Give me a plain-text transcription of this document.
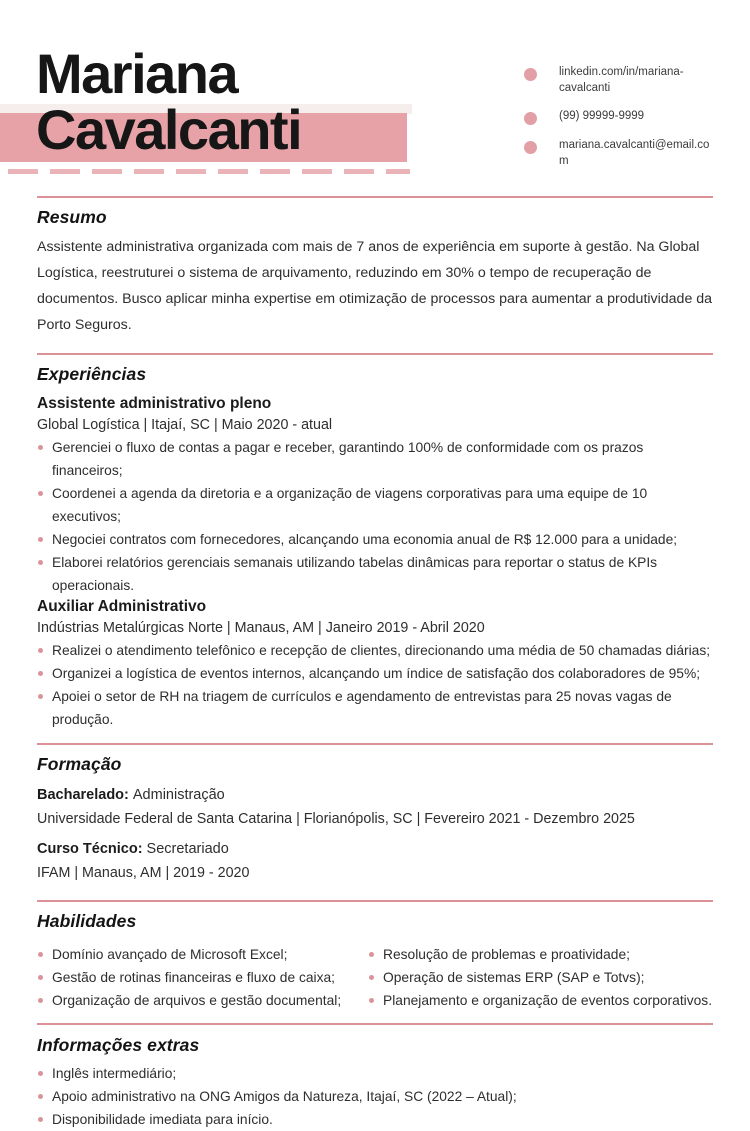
Mariana
Cavalcanti
linkedin.com/in/mariana-cavalcanti
(99) 99999-9999
mariana.cavalcanti@email.com
Resumo

Assistente administrativa organizada com mais de 7 anos de experiência em suporte à gestão. Na Global Logística, reestruturei o sistema de arquivamento, reduzindo em 30% o tempo de recuperação de documentos. Busco aplicar minha expertise em otimização de processos para aumentar a produtividade da Porto Seguros.

Experiências
Assistente administrativo pleno
Global Logística | Itajaí, SC | Maio 2020 - atual
Gerenciei o fluxo de contas a pagar e receber, garantindo 100% de conformidade com os prazos financeiros;
Coordenei a agenda da diretoria e a organização de viagens corporativas para uma equipe de 10 executivos;
Negociei contratos com fornecedores, alcançando uma economia anual de R$ 12.000 para a unidade;
Elaborei relatórios gerenciais semanais utilizando tabelas dinâmicas para reportar o status de KPIs operacionais.
Auxiliar Administrativo
Indústrias Metalúrgicas Norte | Manaus, AM | Janeiro 2019 - Abril 2020
Realizei o atendimento telefônico e recepção de clientes, direcionando uma média de 50 chamadas diárias;
Organizei a logística de eventos internos, alcançando um índice de satisfação dos colaboradores de 95%;
Apoiei o setor de RH na triagem de currículos e agendamento de entrevistas para 25 novas vagas de produção.
Formação
Bacharelado: Administração
Universidade Federal de Santa Catarina | Florianópolis, SC | Fevereiro 2021 - Dezembro 2025
Curso Técnico: Secretariado
IFAM | Manaus, AM | 2019 - 2020
Habilidades
Domínio avançado de Microsoft Excel;
Gestão de rotinas financeiras e fluxo de caixa;
Organização de arquivos e gestão documental;
Resolução de problemas e proatividade;
Operação de sistemas ERP (SAP e Totvs);
Planejamento e organização de eventos corporativos.
Informações extras
Inglês intermediário;
Apoio administrativo na ONG Amigos da Natureza, Itajaí, SC (2022 – Atual);
Disponibilidade imediata para início.
